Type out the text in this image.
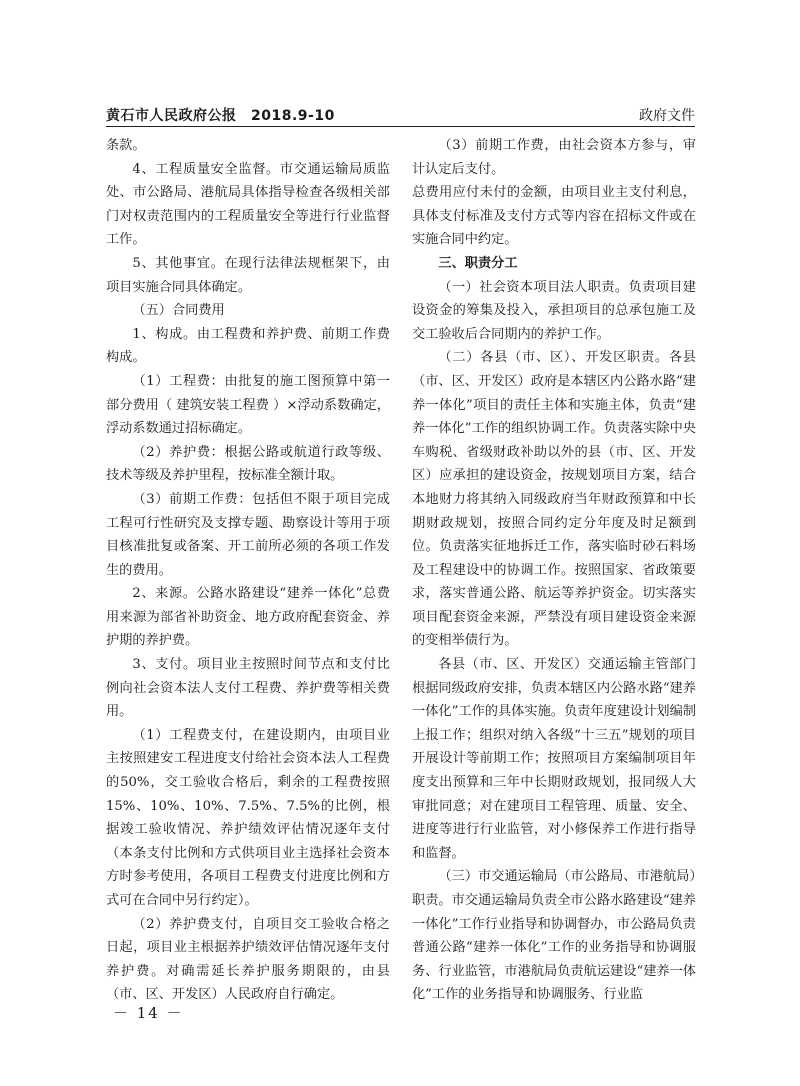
黄石市人民政府公报　2018.9-10	政府文件

条款。

4、工程质量安全监督。市交通运输局质监处、市公路局、港航局具体指导检查各级相关部门对权责范围内的工程质量安全等进行行业监督工作。

5、其他事宜。在现行法律法规框架下，由项目实施合同具体确定。

（五）合同费用

1、构成。由工程费和养护费、前期工作费构成。

（1）工程费：由批复的施工图预算中第一部分费用（ 建筑安装工程费 ）×浮动系数确定，浮动系数通过招标确定。

（2）养护费：根据公路或航道行政等级、技术等级及养护里程，按标准全额计取。

（3）前期工作费：包括但不限于项目完成工程可行性研究及支撑专题、勘察设计等用于项目核准批复或备案、开工前所必须的各项工作发生的费用。

2、来源。公路水路建设“建养一体化”总费用来源为部省补助资金、地方政府配套资金、养护期的养护费。

3、支付。项目业主按照时间节点和支付比例向社会资本法人支付工程费、养护费等相关费用。

（1）工程费支付，在建设期内，由项目业主按照建安工程进度支付给社会资本法人工程费的50%，交工验收合格后，剩余的工程费按照15%、10%、10%、7.5%、7.5%的比例，根据竣工验收情况、养护绩效评估情况逐年支付（本条支付比例和方式供项目业主选择社会资本方时参考使用，各项目工程费支付进度比例和方式可在合同中另行约定）。

（2）养护费支付，自项目交工验收合格之日起，项目业主根据养护绩效评估情况逐年支付养护费。对确需延长养护服务期限的，由县（市、区、开发区）人民政府自行确定。

（3）前期工作费，由社会资本方参与，审计认定后支付。

总费用应付未付的金额，由项目业主支付利息，具体支付标准及支付方式等内容在招标文件或在实施合同中约定。

三、职责分工

（一）社会资本项目法人职责。负责项目建设资金的筹集及投入，承担项目的总承包施工及交工验收后合同期内的养护工作。

（二）各县（市、区）、开发区职责。各县（市、区、开发区）政府是本辖区内公路水路“建养一体化”项目的责任主体和实施主体，负责“建养一体化”工作的组织协调工作。负责落实除中央车购税、省级财政补助以外的县（市、区、开发区）应承担的建设资金，按规划项目方案，结合本地财力将其纳入同级政府当年财政预算和中长期财政规划，按照合同约定分年度及时足额到位。负责落实征地拆迁工作，落实临时砂石料场及工程建设中的协调工作。按照国家、省政策要求，落实普通公路、航运等养护资金。切实落实项目配套资金来源，严禁没有项目建设资金来源的变相举债行为。

各县（市、区、开发区）交通运输主管部门根据同级政府安排，负责本辖区内公路水路“建养一体化”工作的具体实施。负责年度建设计划编制上报工作；组织对纳入各级“十三五”规划的项目开展设计等前期工作；按照项目方案编制项目年度支出预算和三年中长期财政规划，报同级人大审批同意；对在建项目工程管理、质量、安全、进度等进行行业监管，对小修保养工作进行指导和监督。

（三）市交通运输局（市公路局、市港航局）职责。市交通运输局负责全市公路水路建设“建养一体化”工作行业指导和协调督办，市公路局负责普通公路“建养一体化”工作的业务指导和协调服务、行业监管，市港航局负责航运建设“建养一体化”工作的业务指导和协调服务、行业监

－ 14 －
